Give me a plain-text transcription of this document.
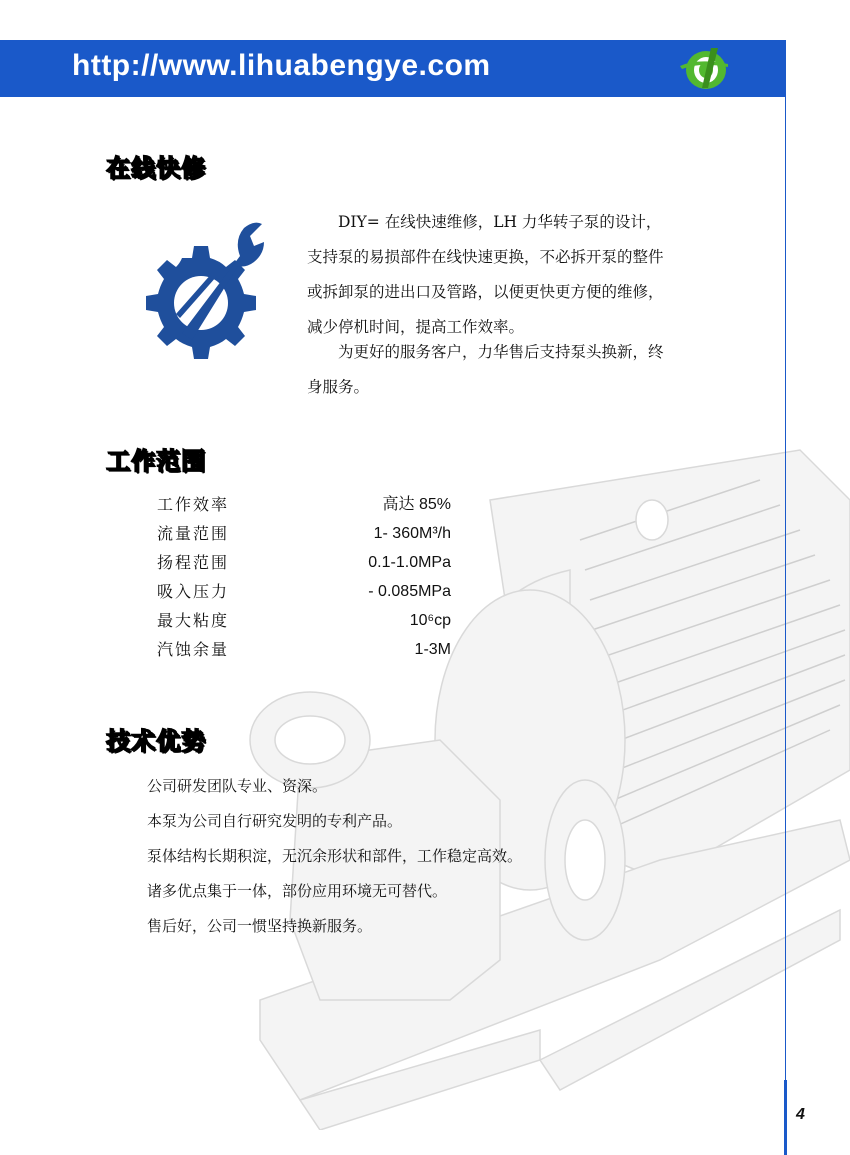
http://www.lihuabengye.com
在线快修
DIY= 在线快速维修，LH 力华转子泵的设计，支持泵的易损部件在线快速更换，不必拆开泵的整件或拆卸泵的进出口及管路，以便更快更方便的维修，减少停机时间，提高工作效率。
为更好的服务客户，力华售后支持泵头换新，终身服务。
工作范围
工作效率	高达 85%
流量范围	1- 360M³/h
扬程范围	0.1-1.0MPa
吸入压力	- 0.085MPa
最大粘度	10⁶cp
汽蚀余量	1-3M
技术优势
公司研发团队专业、资深。
本泵为公司自行研究发明的专利产品。
泵体结构长期积淀，无沉余形状和部件，工作稳定高效。
诸多优点集于一体，部份应用环境无可替代。
售后好，公司一惯坚持换新服务。
4
